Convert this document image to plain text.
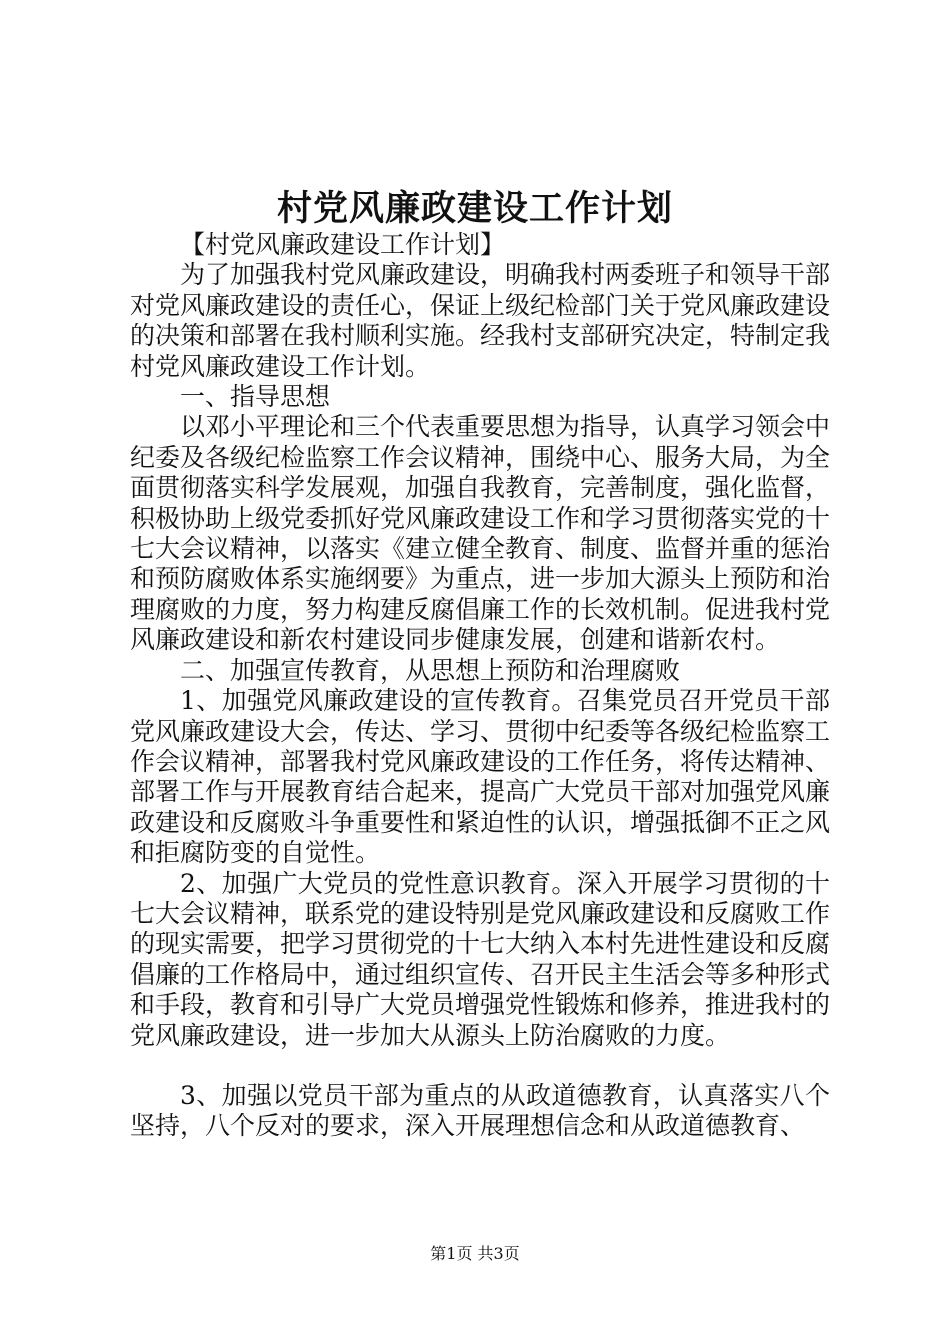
村党风廉政建设工作计划

【村党风廉政建设工作计划】

为了加强我村党风廉政建设，明确我村两委班子和领导干部对党风廉政建设的责任心，保证上级纪检部门关于党风廉政建设的决策和部署在我村顺利实施。经我村支部研究决定，特制定我村党风廉政建设工作计划。

一、指导思想

以邓小平理论和三个代表重要思想为指导，认真学习领会中纪委及各级纪检监察工作会议精神，围绕中心、服务大局，为全面贯彻落实科学发展观，加强自我教育，完善制度，强化监督，积极协助上级党委抓好党风廉政建设工作和学习贯彻落实党的十七大会议精神，以落实《建立健全教育、制度、监督并重的惩治和预防腐败体系实施纲要》为重点，进一步加大源头上预防和治理腐败的力度，努力构建反腐倡廉工作的长效机制。促进我村党风廉政建设和新农村建设同步健康发展，创建和谐新农村。

二、加强宣传教育，从思想上预防和治理腐败

1、加强党风廉政建设的宣传教育。召集党员召开党员干部党风廉政建设大会，传达、学习、贯彻中纪委等各级纪检监察工作会议精神，部署我村党风廉政建设的工作任务，将传达精神、部署工作与开展教育结合起来，提高广大党员干部对加强党风廉政建设和反腐败斗争重要性和紧迫性的认识，增强抵御不正之风和拒腐防变的自觉性。

2、加强广大党员的党性意识教育。深入开展学习贯彻的十七大会议精神，联系党的建设特别是党风廉政建设和反腐败工作的现实需要，把学习贯彻党的十七大纳入本村先进性建设和反腐倡廉的工作格局中，通过组织宣传、召开民主生活会等多种形式和手段，教育和引导广大党员增强党性锻炼和修养，推进我村的党风廉政建设，进一步加大从源头上防治腐败的力度。

3、加强以党员干部为重点的从政道德教育，认真落实八个坚持，八个反对的要求，深入开展理想信念和从政道德教育、

第1页 共3页
